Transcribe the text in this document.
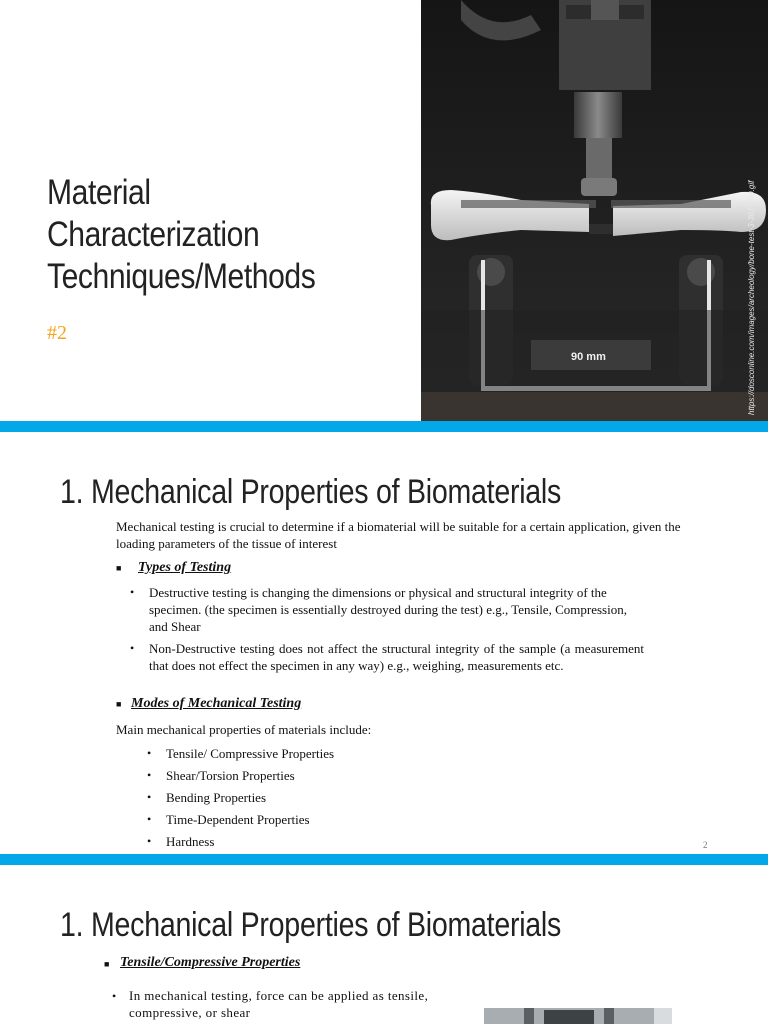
Material
Characterization
Techniques/Methods
#2
90 mm	https://dosconline.com/images/archeology/bone-test-3-361-369.gif
1. Mechanical Properties of Biomaterials
Mechanical testing is crucial to determine if a biomaterial will be suitable for a certain application, given the loading parameters of the tissue of interest
■ Types of Testing
• Destructive testing is changing the dimensions or physical and structural integrity of the specimen. (the specimen is essentially destroyed during the test) e.g., Tensile, Compression, and Shear
• Non-Destructive testing does not affect the structural integrity of the sample (a measurement that does not effect the specimen in any way) e.g., weighing, measurements etc.
■ Modes of Mechanical Testing
Main mechanical properties of materials include:
• Tensile/ Compressive Properties
• Shear/Torsion Properties
• Bending Properties
• Time-Dependent Properties
• Hardness	2
1. Mechanical Properties of Biomaterials
■ Tensile/Compressive Properties
• In mechanical testing, force can be applied as tensile, compressive, or shear
